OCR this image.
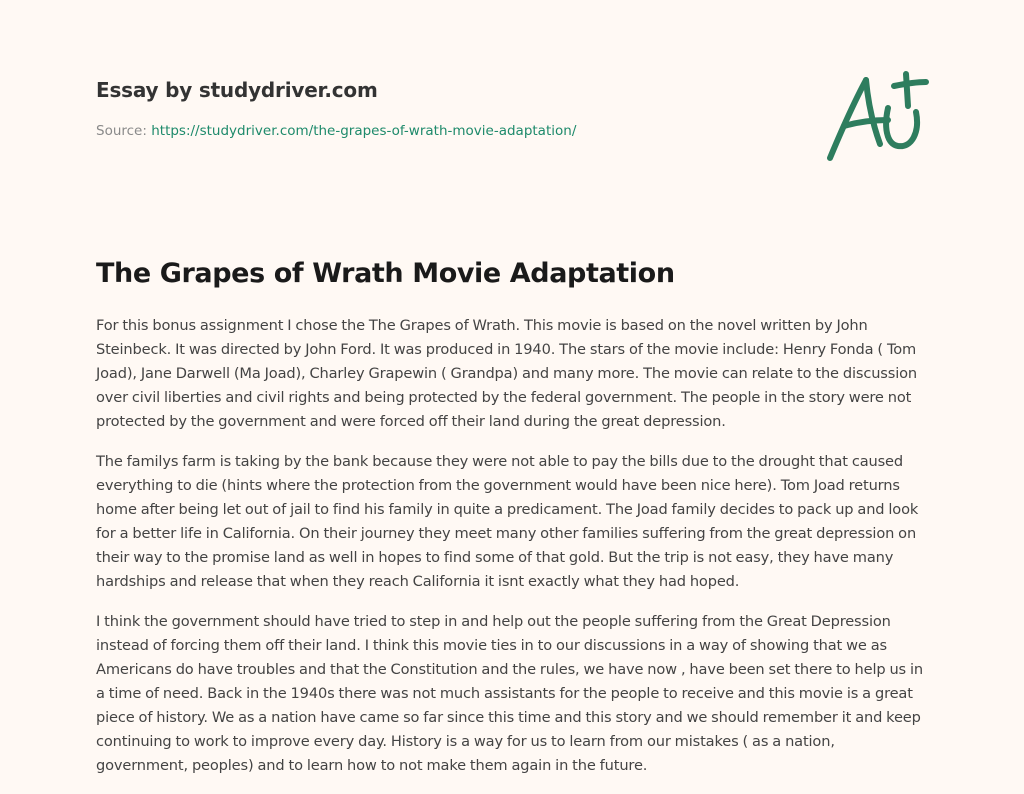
Essay by studydriver.com
Source: https://studydriver.com/the-grapes-of-wrath-movie-adaptation/
The Grapes of Wrath Movie Adaptation

For this bonus assignment I chose the The Grapes of Wrath. This movie is based on the novel written by John Steinbeck. It was directed by John Ford. It was produced in 1940. The stars of the movie include: Henry Fonda ( Tom Joad), Jane Darwell (Ma Joad), Charley Grapewin ( Grandpa) and many more. The movie can relate to the discussion over civil liberties and civil rights and being protected by the federal government. The people in the story were not protected by the government and were forced off their land during the great depression.

The familys farm is taking by the bank because they were not able to pay the bills due to the drought that caused everything to die (hints where the protection from the government would have been nice here). Tom Joad returns home after being let out of jail to find his family in quite a predicament. The Joad family decides to pack up and look for a better life in California. On their journey they meet many other families suffering from the great depression on their way to the promise land as well in hopes to find some of that gold. But the trip is not easy, they have many hardships and release that when they reach California it isnt exactly what they had hoped.

I think the government should have tried to step in and help out the people suffering from the Great Depression instead of forcing them off their land. I think this movie ties in to our discussions in a way of showing that we as Americans do have troubles and that the Constitution and the rules, we have now , have been set there to help us in a time of need. Back in the 1940s there was not much assistants for the people to receive and this movie is a great piece of history. We as a nation have came so far since this time and this story and we should remember it and keep continuing to work to improve every day. History is a way for us to learn from our mistakes ( as a nation, government, peoples) and to learn how to not make them again in the future.
